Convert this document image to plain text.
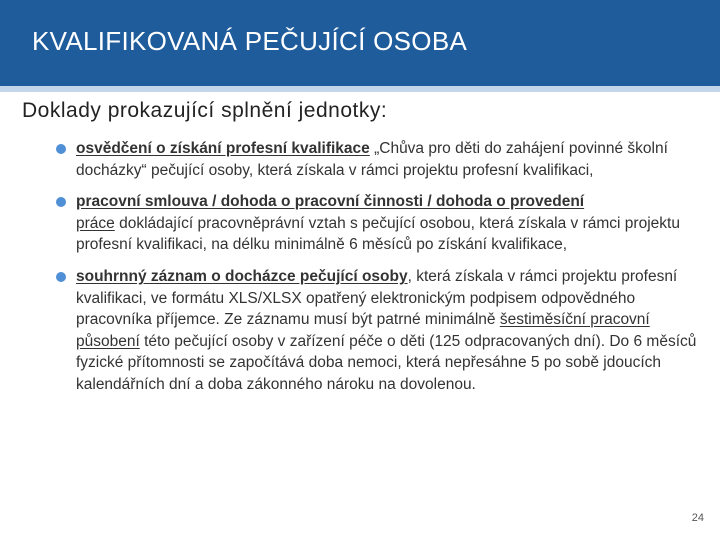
KVALIFIKOVANÁ PEČUJÍCÍ OSOBA
Doklady prokazující splnění jednotky:
osvědčení o získání profesní kvalifikace „Chůva pro děti do zahájení povinné školní docházky“ pečující osoby, která získala v rámci projektu profesní kvalifikaci,
pracovní smlouva / dohoda o pracovní činnosti / dohoda o provedení
práce dokládající pracovněprávní vztah s pečující osobou, která získala v rámci projektu profesní kvalifikaci, na délku minimálně 6 měsíců po získání kvalifikace,
souhrnný záznam o docházce pečující osoby, která získala v rámci projektu profesní kvalifikaci, ve formátu XLS/XLSX opatřený elektronickým podpisem odpovědného pracovníka příjemce. Ze záznamu musí být patrné minimálně šestiměsíční pracovní působení této pečující osoby v zařízení péče o děti (125 odpracovaných dní). Do 6 měsíců fyzické přítomnosti se započítává doba nemoci, která nepřesáhne 5 po sobě jdoucích kalendářních dní a doba zákonného nároku na dovolenou.
24
